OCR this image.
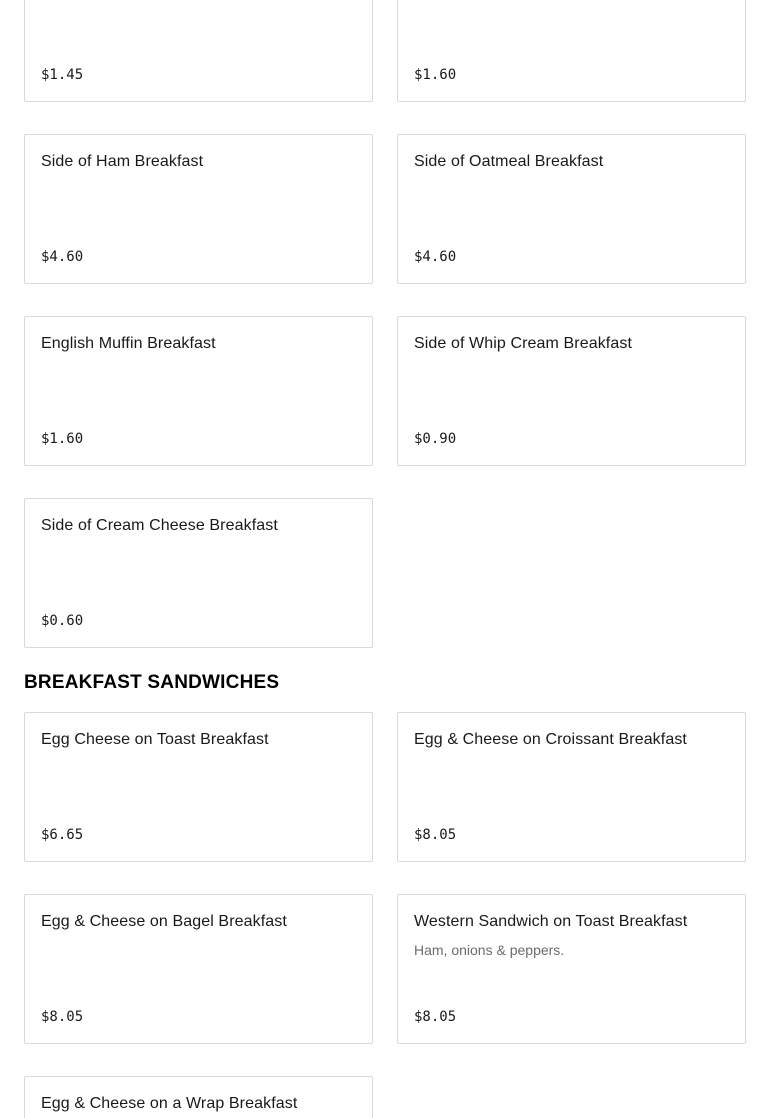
$1.45	$1.60
Side of Ham Breakfast
$4.60
Side of Oatmeal Breakfast
$4.60
English Muffin Breakfast
$1.60
Side of Whip Cream Breakfast
$0.90
Side of Cream Cheese Breakfast
$0.60
BREAKFAST SANDWICHES
Egg Cheese on Toast Breakfast
$6.65
Egg & Cheese on Croissant Breakfast
$8.05
Egg & Cheese on Bagel Breakfast
$8.05
Western Sandwich on Toast Breakfast
Ham, onions & peppers.
$8.05
Egg & Cheese on a Wrap Breakfast
